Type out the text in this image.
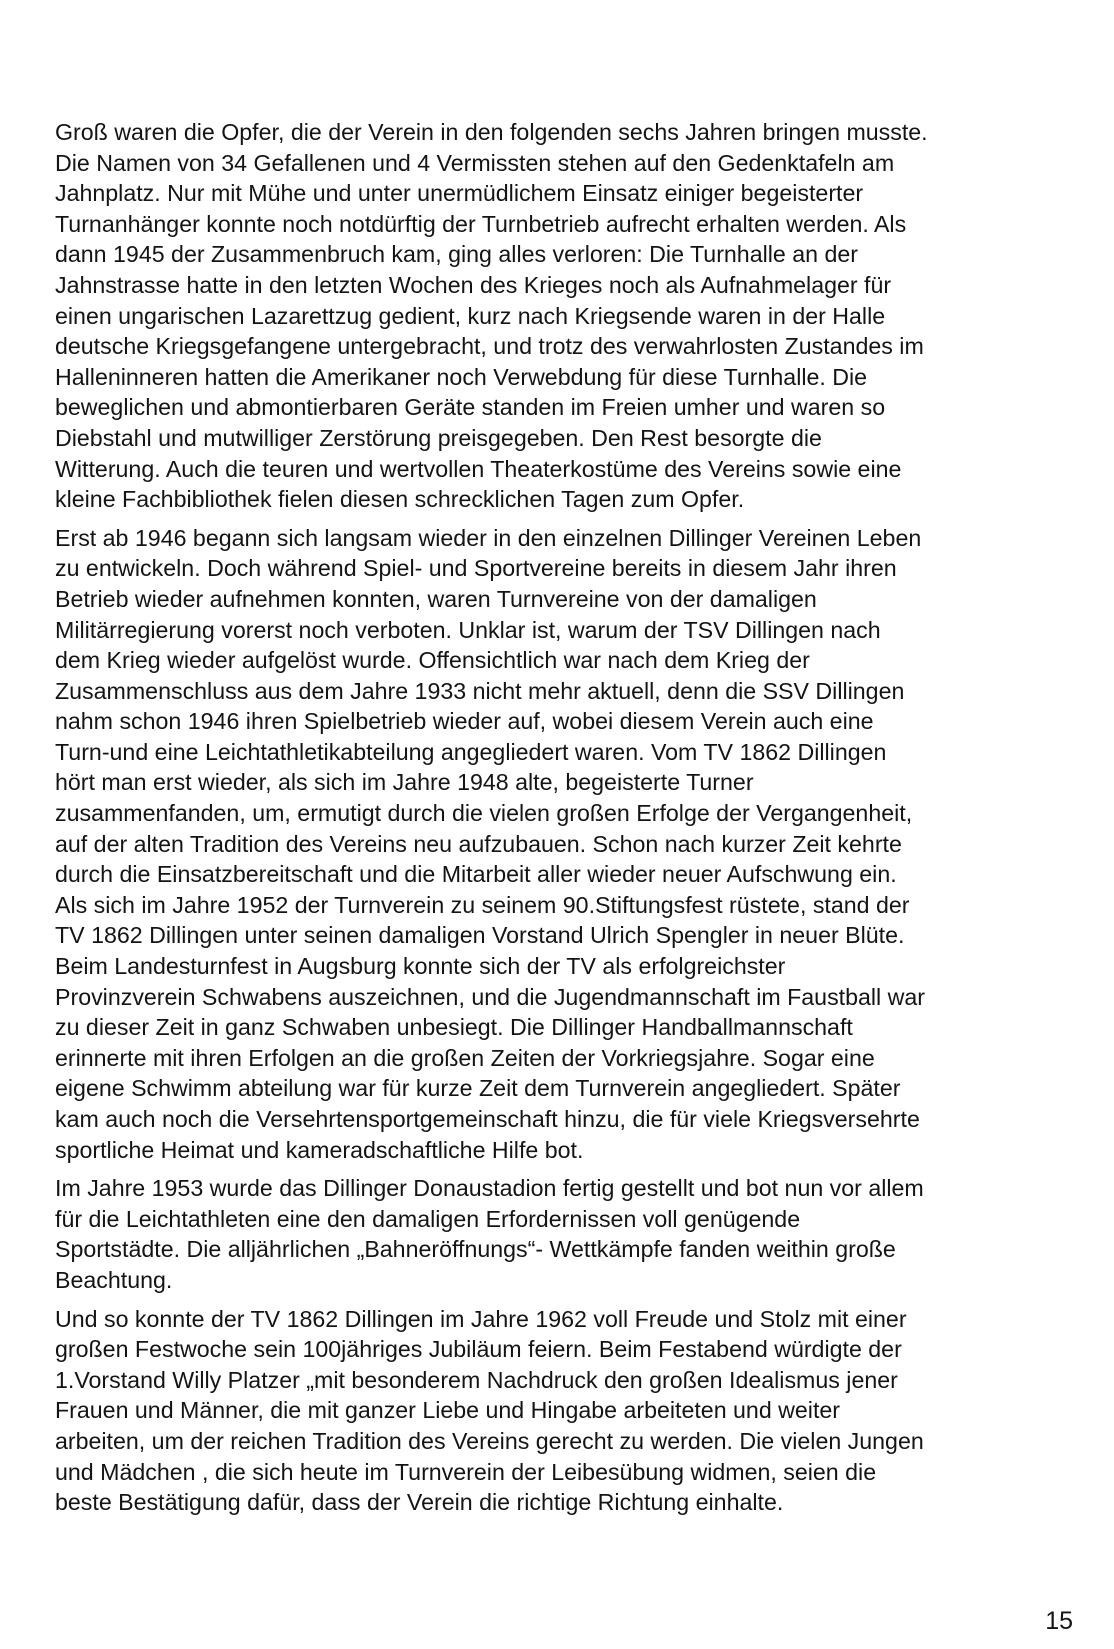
Groß waren die Opfer, die der Verein in den folgenden sechs Jahren bringen musste.
Die Namen von 34 Gefallenen und 4 Vermissten stehen auf den Gedenktafeln am
Jahnplatz. Nur mit Mühe und unter unermüdlichem Einsatz einiger begeisterter
Turnanhänger konnte noch notdürftig der Turnbetrieb aufrecht erhalten werden. Als
dann 1945 der Zusammenbruch kam, ging alles verloren: Die Turnhalle an der
Jahnstrasse hatte in den letzten Wochen des Krieges noch als Aufnahmelager für
einen ungarischen Lazarettzug gedient, kurz nach Kriegsende waren in der Halle
deutsche Kriegsgefangene untergebracht, und trotz des verwahrlosten Zustandes im
Halleninneren hatten die Amerikaner noch Verwebdung für diese Turnhalle. Die
beweglichen und abmontierbaren Geräte standen im Freien umher und waren so
Diebstahl und mutwilliger Zerstörung preisgegeben. Den Rest besorgte die
Witterung. Auch die teuren und wertvollen Theaterkostüme des Vereins sowie eine
kleine Fachbibliothek fielen diesen schrecklichen Tagen zum Opfer.

Erst ab 1946 begann sich langsam wieder in den einzelnen Dillinger Vereinen Leben
zu entwickeln. Doch während Spiel- und Sportvereine bereits in diesem Jahr ihren
Betrieb wieder aufnehmen konnten, waren Turnvereine von der damaligen
Militärregierung vorerst noch verboten. Unklar ist, warum der TSV Dillingen nach
dem Krieg wieder aufgelöst wurde. Offensichtlich war nach dem Krieg der
Zusammenschluss aus dem Jahre 1933 nicht mehr aktuell, denn die SSV Dillingen
nahm schon 1946 ihren Spielbetrieb wieder auf, wobei diesem Verein auch eine
Turn-und eine Leichtathletikabteilung angegliedert waren. Vom TV 1862 Dillingen
hört man erst wieder, als sich im Jahre 1948 alte, begeisterte Turner
zusammenfanden, um, ermutigt durch die vielen großen Erfolge der Vergangenheit,
auf der alten Tradition des Vereins neu aufzubauen. Schon nach kurzer Zeit kehrte
durch die Einsatzbereitschaft und die Mitarbeit aller wieder neuer Aufschwung ein.
Als sich im Jahre 1952 der Turnverein zu seinem 90.Stiftungsfest rüstete, stand der
TV 1862 Dillingen unter seinen damaligen Vorstand Ulrich Spengler in neuer Blüte.
Beim Landesturnfest in Augsburg konnte sich der TV als erfolgreichster
Provinzverein Schwabens auszeichnen, und die Jugendmannschaft im Faustball war
zu dieser Zeit in ganz Schwaben unbesiegt. Die Dillinger Handballmannschaft
erinnerte mit ihren Erfolgen an die großen Zeiten der Vorkriegsjahre. Sogar eine
eigene Schwimm abteilung war für kurze Zeit dem Turnverein angegliedert. Später
kam auch noch die Versehrtensportgemeinschaft hinzu, die für viele Kriegsversehrte
sportliche Heimat und kameradschaftliche Hilfe bot.

Im Jahre 1953 wurde das Dillinger Donaustadion fertig gestellt und bot nun vor allem
für die Leichtathleten eine den damaligen Erfordernissen voll genügende
Sportstädte. Die alljährlichen „Bahneröffnungs“- Wettkämpfe fanden weithin große
Beachtung.

Und so konnte der TV 1862 Dillingen im Jahre 1962 voll Freude und Stolz mit einer
großen Festwoche sein 100jähriges Jubiläum feiern. Beim Festabend würdigte der
1.Vorstand Willy Platzer „mit besonderem Nachdruck den großen Idealismus jener
Frauen und Männer, die mit ganzer Liebe und Hingabe arbeiteten und weiter
arbeiten, um der reichen Tradition des Vereins gerecht zu werden. Die vielen Jungen
und Mädchen , die sich heute im Turnverein der Leibesübung widmen, seien die
beste Bestätigung dafür, dass der Verein die richtige Richtung einhalte.

15
